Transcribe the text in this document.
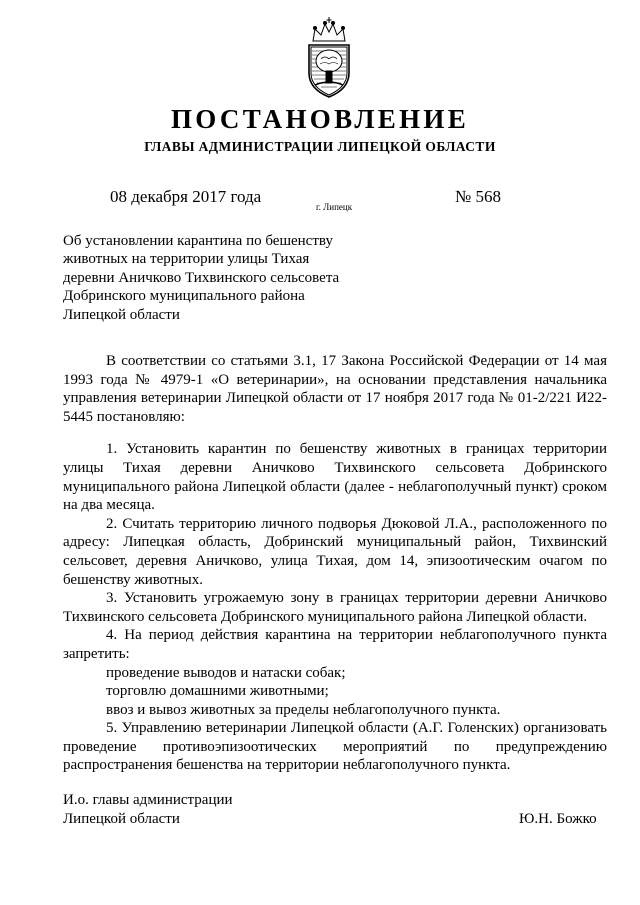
ПОСТАНОВЛЕНИЕ
ГЛАВЫ АДМИНИСТРАЦИИ ЛИПЕЦКОЙ ОБЛАСТИ
08 декабря 2017 года
г. Липецк
№ 568
Об установлении карантина по бешенству
животных на территории улицы Тихая
деревни Аничково Тихвинского сельсовета
Добринского муниципального района
Липецкой области

В соответствии со статьями 3.1, 17 Закона Российской Федерации от 14 мая 1993 года № 4979-1 «О ветеринарии», на основании представления начальника управления ветеринарии Липецкой области от 17 ноября 2017 года № 01-2/221 И22-5445 постановляю:

1. Установить карантин по бешенству животных в границах территории улицы Тихая деревни Аничково Тихвинского сельсовета Добринского муниципального района Липецкой области (далее - неблагополучный пункт) сроком на два месяца.

2. Считать территорию личного подворья Дюковой Л.А., расположенного по адресу: Липецкая область, Добринский муниципальный район, Тихвинский сельсовет, деревня Аничково, улица Тихая, дом 14, эпизоотическим очагом по бешенству животных.

3. Установить угрожаемую зону в границах территории деревни Аничково Тихвинского сельсовета Добринского муниципального района Липецкой области.

4. На период действия карантина на территории неблагополучного пункта запретить:

проведение выводов и натаски собак;

торговлю домашними животными;

ввоз и вывоз животных за пределы неблагополучного пункта.

5. Управлению ветеринарии Липецкой области (А.Г. Голенских) организовать проведение противоэпизоотических мероприятий по предупреждению распространения бешенства на территории неблагополучного пункта.

И.о. главы администрации
Липецкой области	Ю.Н. Божко
